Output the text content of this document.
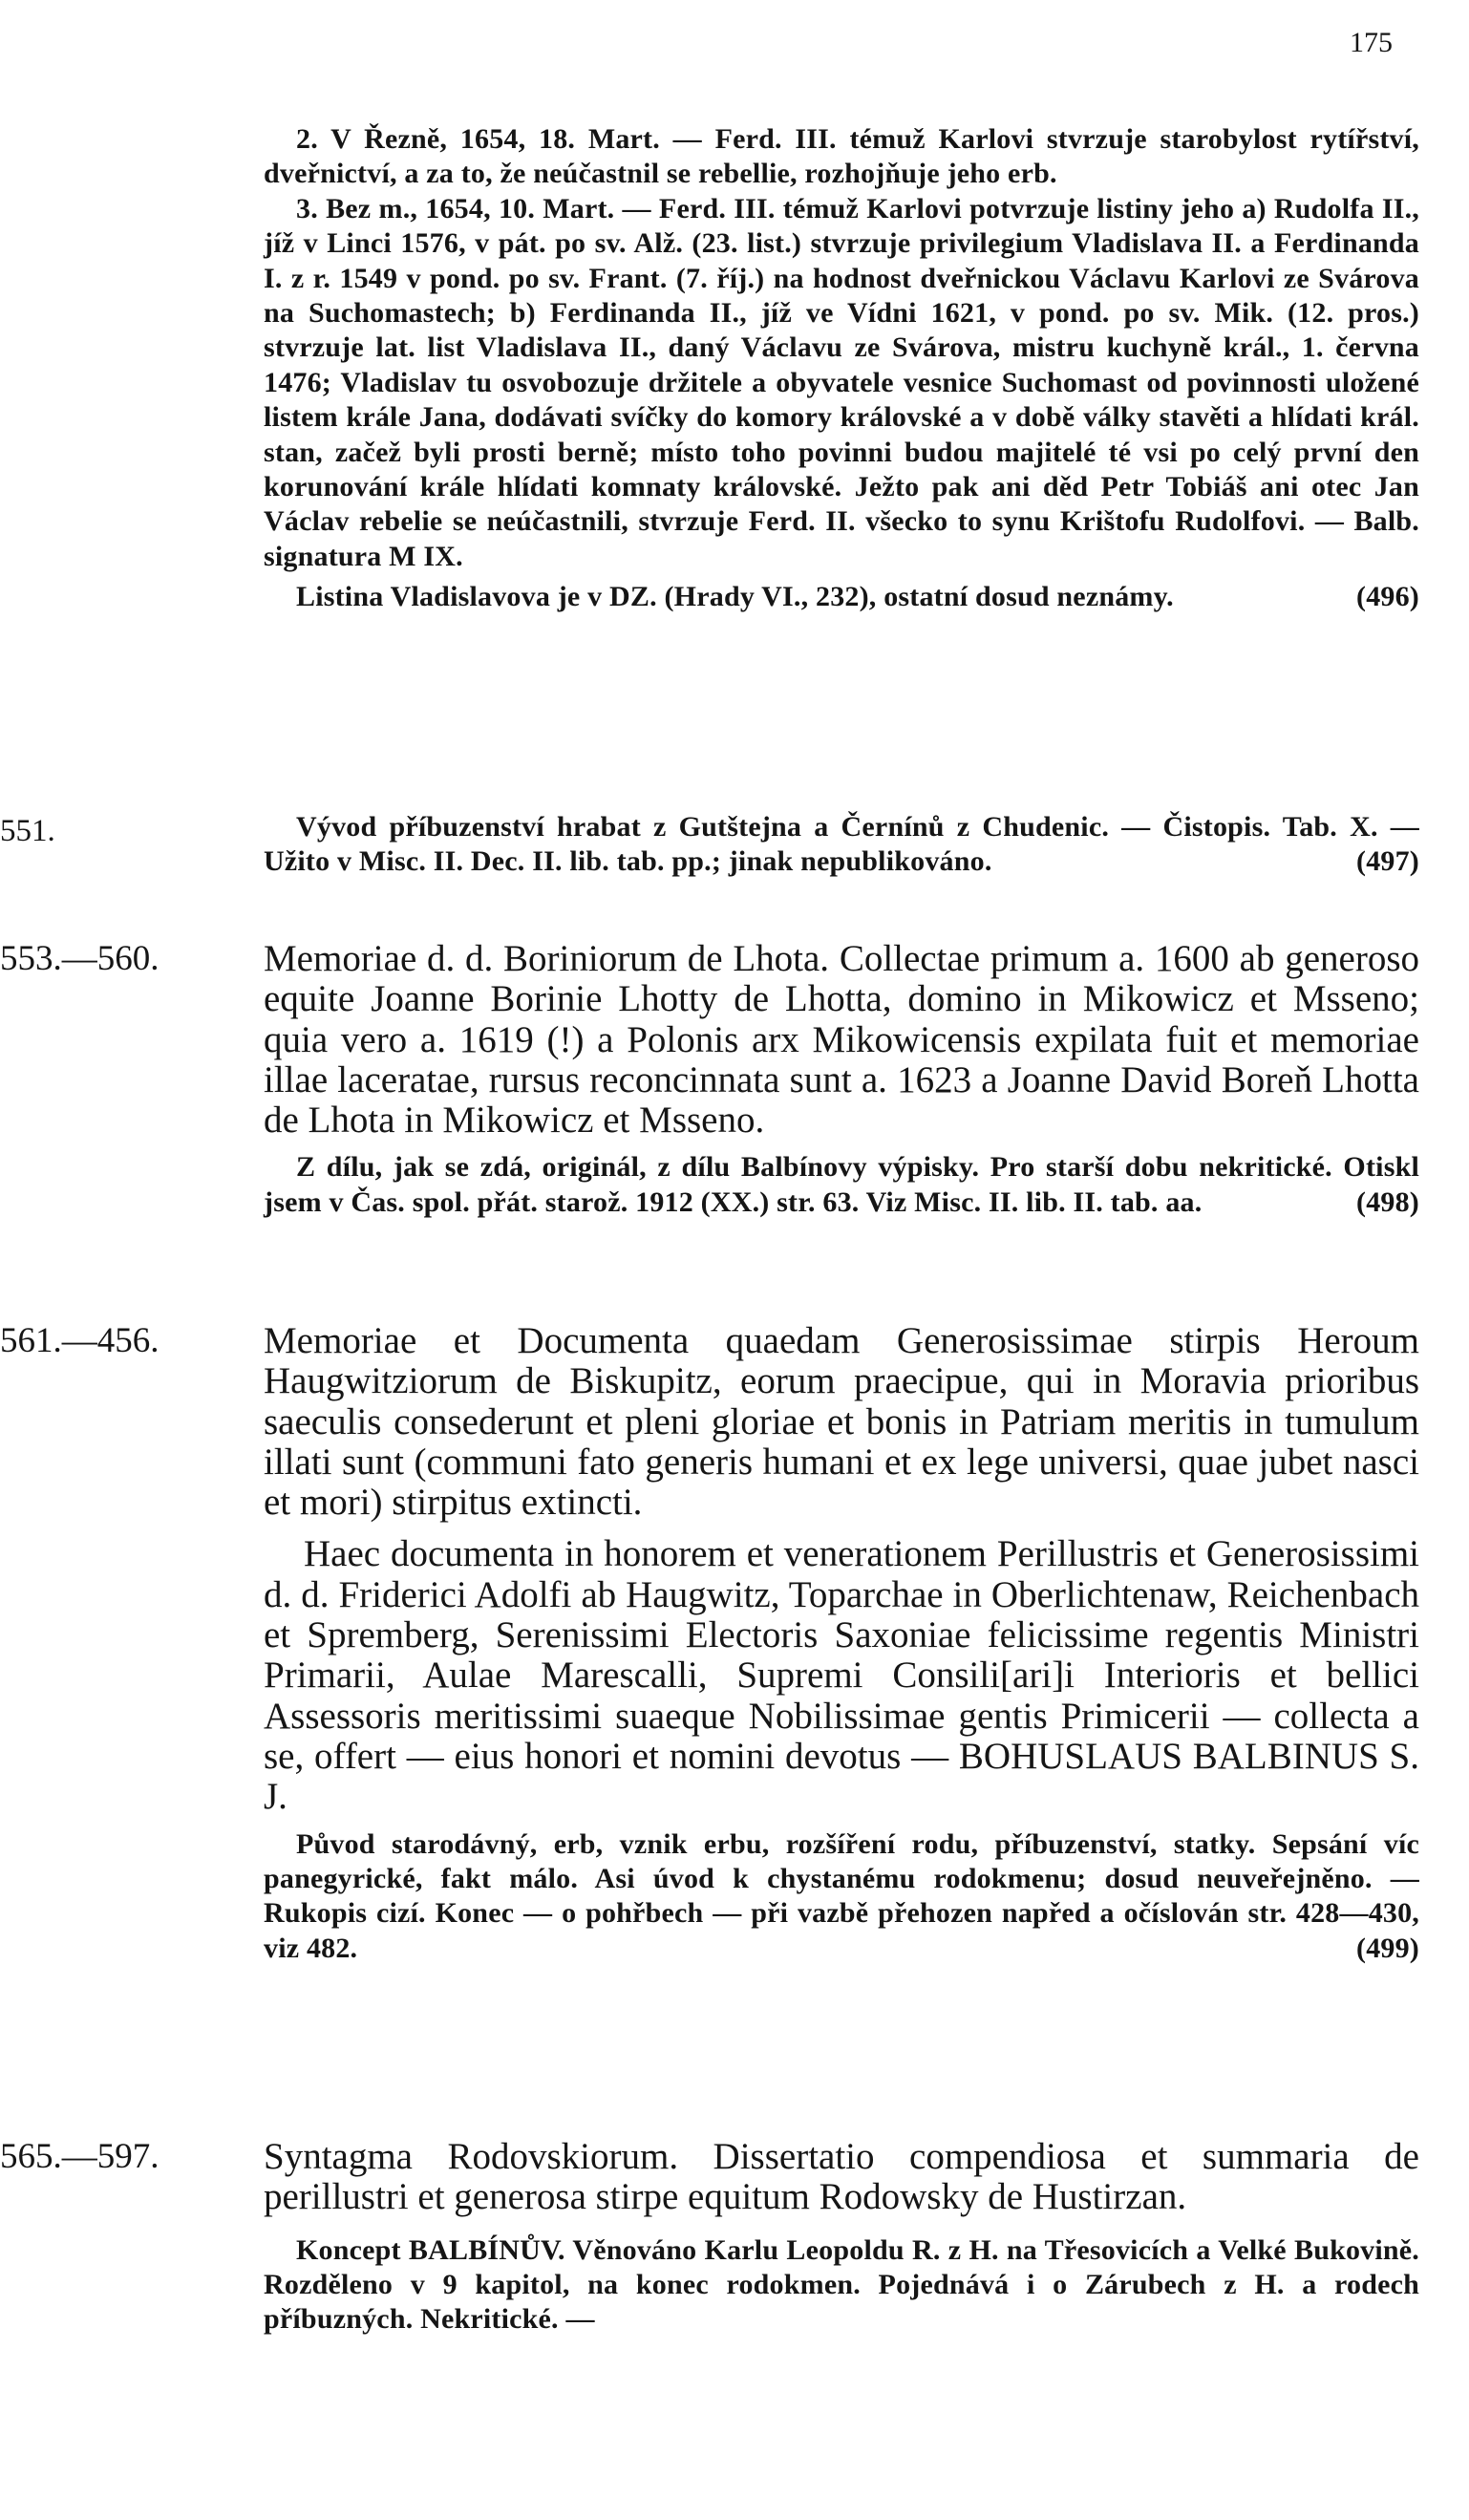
175

2. V Řezně, 1654, 18. Mart. — Ferd. III. témuž Karlovi stvrzuje starobylost rytířství, dveřnictví, a za to, že neúčastnil se rebellie, rozhojňuje jeho erb.

3. Bez m., 1654, 10. Mart. — Ferd. III. témuž Karlovi potvrzuje listiny jeho a) Rudolfa II., jíž v Linci 1576, v pát. po sv. Alž. (23. list.) stvrzuje privilegium Vladislava II. a Ferdinanda I. z r. 1549 v pond. po sv. Frant. (7. říj.) na hodnost dveřnickou Václavu Karlovi ze Svárova na Suchomastech; b) Ferdinanda II., jíž ve Vídni 1621, v pond. po sv. Mik. (12. pros.) stvrzuje lat. list Vladislava II., daný Václavu ze Svárova, mistru kuchyně král., 1. června 1476; Vladislav tu osvobozuje držitele a obyvatele vesnice Suchomast od povinnosti uložené listem krále Jana, dodávati svíčky do komory královské a v době války stavěti a hlídati král. stan, začež byli prosti berně; místo toho povinni budou majitelé té vsi po celý první den korunování krále hlídati komnaty královské. Ježto pak ani děd Petr Tobiáš ani otec Jan Václav rebelie se neúčastnili, stvrzuje Ferd. II. všecko to synu Krištofu Rudolfovi. — Balb. signatura M IX.

Listina Vladislavova je v DZ. (Hrady VI., 232), ostatní dosud neznámy.	(496)

551.	Vývod příbuzenství hrabat z Gutštejna a Černínů z Chudenic. — Čistopis. Tab. X. — Užito v Misc. II. Dec. II. lib. tab. pp.; jinak nepublikováno.	(497)

553.—560.	Memoriae d. d. Boriniorum de Lhota. Collectae primum a. 1600 ab generoso equite Joanne Borinie Lhotty de Lhotta, domino in Mikowicz et Msseno; quia vero a. 1619 (!) a Polonis arx Mikowicensis expilata fuit et memoriae illae laceratae, rursus reconcinnata sunt a. 1623 a Joanne David Boreň Lhotta de Lhota in Mikowicz et Msseno.

Z dílu, jak se zdá, originál, z dílu Balbínovy výpisky. Pro starší dobu nekritické. Otiskl jsem v Čas. spol. přát. starož. 1912 (XX.) str. 63. Viz Misc. II. lib. II. tab. aa.	(498)

561.—456.	Memoriae et Documenta quaedam Generosissimae stirpis Heroum Haugwitziorum de Biskupitz, eorum praecipue, qui in Moravia prioribus saeculis consederunt et pleni gloriae et bonis in Patriam meritis in tumulum illati sunt (communi fato generis humani et ex lege universi, quae jubet nasci et mori) stirpitus extincti.

Haec documenta in honorem et venerationem Perillustris et Generosissimi d. d. Friderici Adolfi ab Haugwitz, Toparchae in Oberlichtenaw, Reichenbach et Spremberg, Serenissimi Electoris Saxoniae felicissime regentis Ministri Primarii, Aulae Marescalli, Supremi Consili[ari]i Interioris et bellici Assessoris meritissimi suaeque Nobilissimae gentis Primicerii — collecta a se, offert — eius honori et nomini devotus — BOHUSLAUS BALBINUS S. J.

Původ starodávný, erb, vznik erbu, rozšíření rodu, příbuzenství, statky. Sepsání víc panegyrické, fakt málo. Asi úvod k chystanému rodokmenu; dosud neuveřejněno. — Rukopis cizí. Konec — o pohřbech — při vazbě přehozen napřed a očíslován str. 428—430, viz 482.	(499)

565.—597.	Syntagma Rodovskiorum. Dissertatio compendiosa et summaria de perillustri et generosa stirpe equitum Rodowsky de Hustirzan.

Koncept BALBÍNŮV. Věnováno Karlu Leopoldu R. z H. na Třesovicích a Velké Bukovině. Rozděleno v 9 kapitol, na konec rodokmen. Pojednává i o Zárubech z H. a rodech příbuzných. Nekritické. —
